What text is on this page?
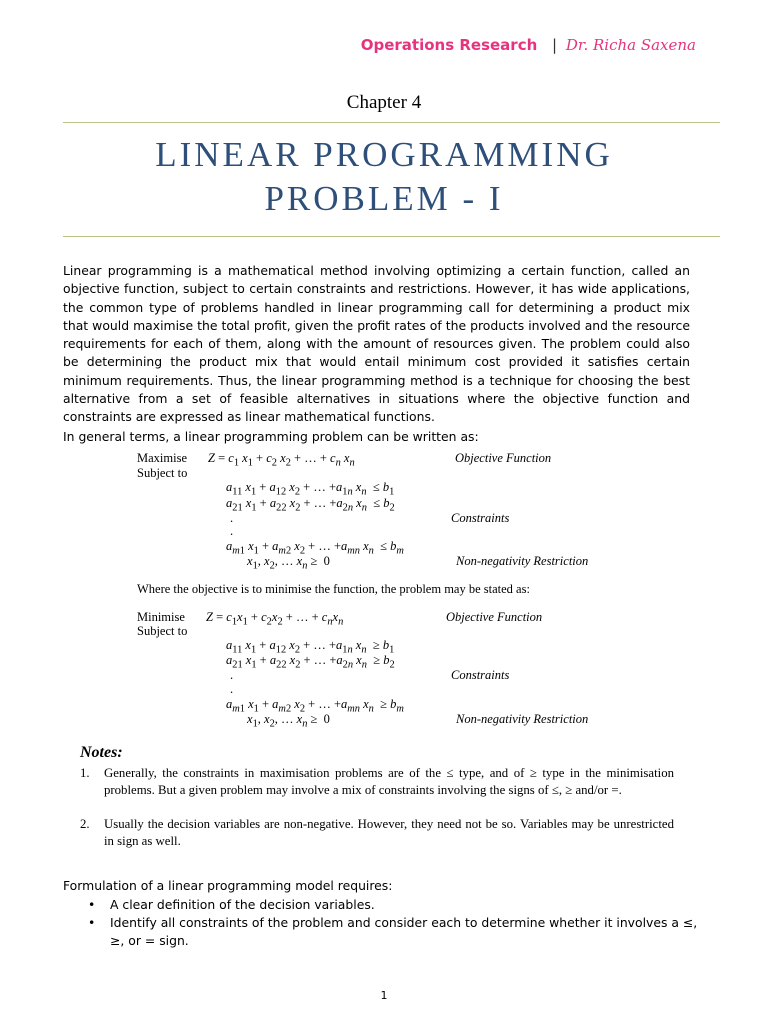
Operations Research | Dr. Richa Saxena
Chapter 4
LINEAR PROGRAMMING
PROBLEM - I
Linear programming is a mathematical method involving optimizing a certain function, called an objective function, subject to certain constraints and restrictions. However, it has wide applications, the common type of problems handled in linear programming call for determining a product mix that would maximise the total profit, given the profit rates of the products involved and the resource requirements for each of them, along with the amount of resources given. The problem could also be determining the product mix that would entail minimum cost provided it satisfies certain minimum requirements. Thus, the linear programming method is a technique for choosing the best alternative from a set of feasible alternatives in situations where the objective function and constraints are expressed as linear mathematical functions.
In general terms, a linear programming problem can be written as:
Maximise
Subject to
$Z = c_1$ $x_1 + c_2$ $x_2$ + … + $c_n$ $x_n$	Objective Function
$a_{11}$ $x_1 + a_{12}$ $x_2$ + … $+a_{1n}$ $x_n \le b_1$
$a_{21}$ $x_1 + a_{22}$ $x_2$ + … $+a_{2n}$ $x_n \le b_2$
.	Constraints
.
$a_{m1}$ $x_1 + a_{m2}$ $x_2$ + … $+a_{mn}$ $x_n \le b_m$
$x_1$, $x_2$, … $x_n \ge 0$	Non-negativity Restriction
Where the objective is to minimise the function, the problem may be stated as:
Minimise
Subject to
$Z = c_1x_1 + c_2x_2$ + … + $c_nx_n$	Objective Function
$a_{11}$ $x_1 + a_{12}$ $x_2$ + … $+a_{1n}$ $x_n \ge b_1$
$a_{21}$ $x_1 + a_{22}$ $x_2$ + … $+a_{2n}$ $x_n \ge b_2$
.	Constraints
.
$a_{m1}$ $x_1 + a_{m2}$ $x_2$ + … $+a_{mn}$ $x_n \ge b_m$
$x_1$, $x_2$, … $x_n \ge 0$	Non-negativity Restriction
Notes:
1.	Generally, the constraints in maximisation problems are of the ≤ type, and of ≥ type in the minimisation problems. But a given problem may involve a mix of constraints involving the signs of ≤, ≥ and/or =.
2.	Usually the decision variables are non-negative. However, they need not be so. Variables may be unrestricted in sign as well.
Formulation of a linear programming model requires:
• A clear definition of the decision variables.
• Identify all constraints of the problem and consider each to determine whether it involves a ≤, ≥, or = sign.
1
